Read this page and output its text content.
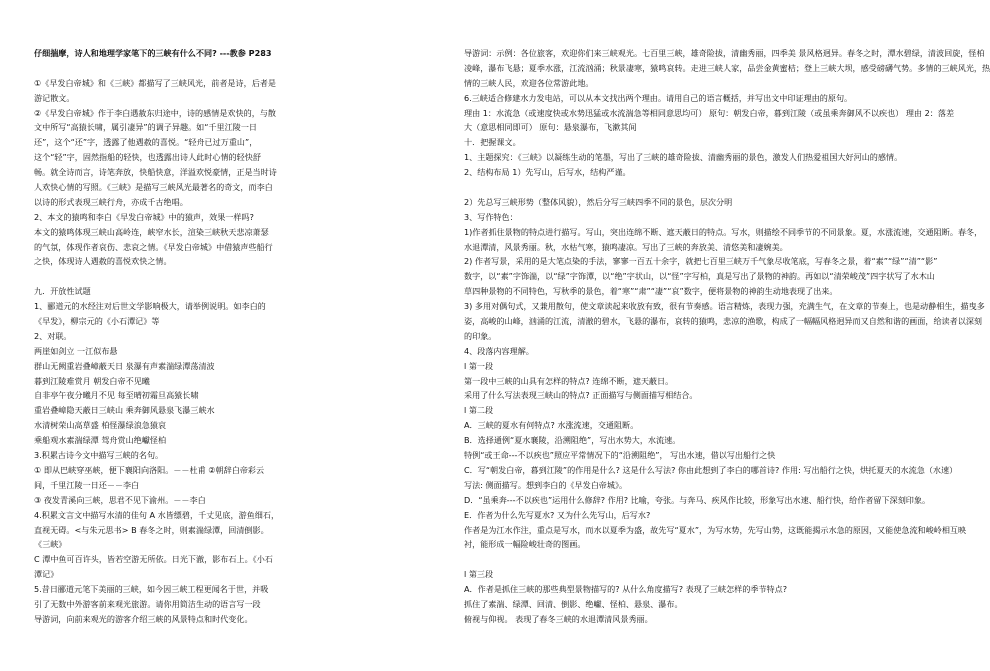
仔细揣摩，诗人和地理学家笔下的三峡有什么不同? ---教参 P283
①《早发白帝城》和《三峡》都描写了三峡风光，前者是诗，后者是
游记散文。
②《早发白帝城》作于李白遇赦东归途中，诗的感情是欢快的，与散
文中所写“高猿长啸，属引凄异”的调子异趣。如“千里江陵一日
还”，这个“还”字，透露了他遇赦的喜悦。“轻舟已过万重山”，
这个“轻”字，固然指船的轻快，也透露出诗人此时心情的轻快舒
畅。就全诗而言，诗笔奔放，快船快意，洋溢欢悦豪情，正是当时诗
人欢快心情的写照。《三峡》是描写三峡风光最著名的奇文，而李白
以诗的形式表现三峡行舟，亦成千古绝唱。
2、本文的猿鸣和李白《早发白帝城》中的猿声，效果一样吗?
本文的猿鸣体现三峡山高岭连，峡窄水长，渲染三峡秋天悲凉萧瑟
的气氛，体现作者哀伤、悲哀之情。《早发白帝城》中借猿声些船行
之快，体现诗人遇赦的喜悦欢快之情。
九．开放性试题
1、郦道元的水经注对后世文学影响极大，请举例说明。如李白的
《早发》，柳宗元的《小石潭记》等
2、对联。
两崖如剑立 一江似布悬
群山无阙重岩叠嶂蔽天日 泉瀑有声素湍绿潭荡清波
暮到江陵难赏月 朝发白帝不见曦
自非亭午夜分曦月不见 每至晴初霜旦高猿长啸
重岩叠嶂隐天蔽日三峡山 乘奔御风悬泉飞瀑三峡水
水清树荣山高草盛 柏怪瀑绿浪急猿哀
乘船观水素湍绿潭 驾舟赏山绝巘怪柏
3.积累古诗今文中描写三峡的名句。
① 即从巴峡穿巫峡，便下襄阳向洛阳。－－杜甫 ②朝辞白帝彩云
间，千里江陵一日还－－李白
③ 夜发青溪向三峡，思君不见下渝州。－－李白
4.积累文言文中描写水清的佳句 A 水皆缥碧，千丈见底，游鱼细石，
直视无碍。<与朱元思书> B 春冬之时，则素湍绿潭，回清倒影。
《三峡》
C 潭中鱼可百许头，皆若空游无所依。日光下澈，影布石上。《小石
潭记》
5.昔日郦道元笔下美丽的三峡，如今因三峡工程更闻名于世，并吸
引了无数中外游客前来观光旅游。请你用简洁生动的语言写一段
导游词，向前来观光的游客介绍三峡的风景特点和时代变化。
导游词：示例：各位旅客，欢迎你们来三峡观光。七百里三峡，雄奇险拔，清幽秀丽，四季美 景风格迥异。春冬之时，潭水碧绿，清波回旋，怪柏
凌峰，瀑布飞悬；夏季水涨，江流汹涌；秋景凄寒，猿鸣哀转。走进三峡人家，品尝金黄蜜桔；登上三峡大坝，感受磅礴气势。多情的三峡风光，热
情的三峡人民，欢迎各位常游此地。
6.三峡适合修建水力发电站，可以从本文找出两个理由。请用自己的语言概括，并写出文中印证理由的原句。
理由 1：水流急（或速度快或水势迅猛或水流湍急等相同意思均可） 原句：朝发白帝，暮到江陵（或虽乘奔御风不以疾也） 理由 2：落差
大（意思相同即可） 原句：悬泉瀑布，飞漱其间
十．把握课文。
1、主题探究：《三峡》以凝练生动的笔墨，写出了三峡的雄奇险拔、清幽秀丽的景色，激发人们热爱祖国大好河山的感情。
2、结构布局 1）先写山，后写水，结构严谨。
2）先总写三峡形势（整体风貌），然后分写三峡四季不同的景色，层次分明
3、写作特色：
1)作者抓住景物的特点进行描写。写山，突出连绵不断、遮天蔽日的特点。写水，则描绘不同季节的不同景象。夏，水涨流速，交通阻断。春冬，
水退潭清，风景秀丽。秋，水枯气寒，猿鸣凄凉。写出了三峡的奔放美、清悠美和凄婉美。
2) 作者写景，采用的是大笔点染的手法，寥寥一百五十余字，就把七百里三峡万千气象尽收笔底，写春冬之景，着“素”“绿”“清”“影”
数字，以“素”字饰湍，以“绿”字饰潭，以“绝”字状山，以“怪”字写柏，真是写出了景物的神韵。再如以“清荣峻茂”四字状写了水木山
草四种景物的不同特色，写秋季的景色，着“寒”“肃”“凄”“哀”数字，便将景物的神韵生动地表现了出来。
3) 多用对偶句式，又兼用散句，使文章读起来收放有致，很有节奏感。语言精炼，表现力强，充满生气，在文章的节奏上，也是动静相生，描曳多
姿，高峻的山峰，汹涌的江流，清澈的碧水，飞悬的瀑布，哀转的猿鸣，悲凉的渔歌，构成了一幅幅风格迥异而又自然和谐的画面，给读者以深刻
的印象。
4、段落内容理解。
l 第一段
第一段中三峡的山具有怎样的特点? 连绵不断，遮天蔽日。
采用了什么写法表现三峡山的特点? 正面描写与侧面描写相结合。
l 第二段
A．三峡的夏水有何特点? 水涨流速，交通阻断。
B．选择通例“夏水襄陵，沿溯阻绝”，写出水势大，水流速。
特例“或王命---不以疾也”照应平常情况下的“沿溯阻绝”， 写出水速，借以写出船行之快
C．写“朝发白帝，暮到江陵”的作用是什么? 这是什么写法? 你由此想到了李白的哪首诗? 作用: 写出船行之快，烘托夏天的水流急（水速）
写法: 侧面描写。想到李白的《早发白帝城》。
D．“虽乘奔---不以疾也”运用什么修辞? 作用? 比喻，夸张。与奔马、疾风作比较，形象写出水速、船行快，给作者留下深刻印象。
E．作者为什么先写夏水? 又为什么先写山，后写水?
作者是为江水作注，重点是写水，而水以夏季为盛，故先写“夏水”，为写水势，先写山势，这既能揭示水急的原因，又能使急流和峻岭相互映
衬，能形成一幅险峻壮奇的图画。
l 第三段
A．作者是抓住三峡的那些典型景物描写的? 从什么角度描写? 表现了三峡怎样的季节特点?
抓住了素湍、绿潭、回清、倒影、绝巘、怪柏、悬泉、瀑布。
俯视与仰视。 表现了春冬三峡的水退潭清风景秀丽。
